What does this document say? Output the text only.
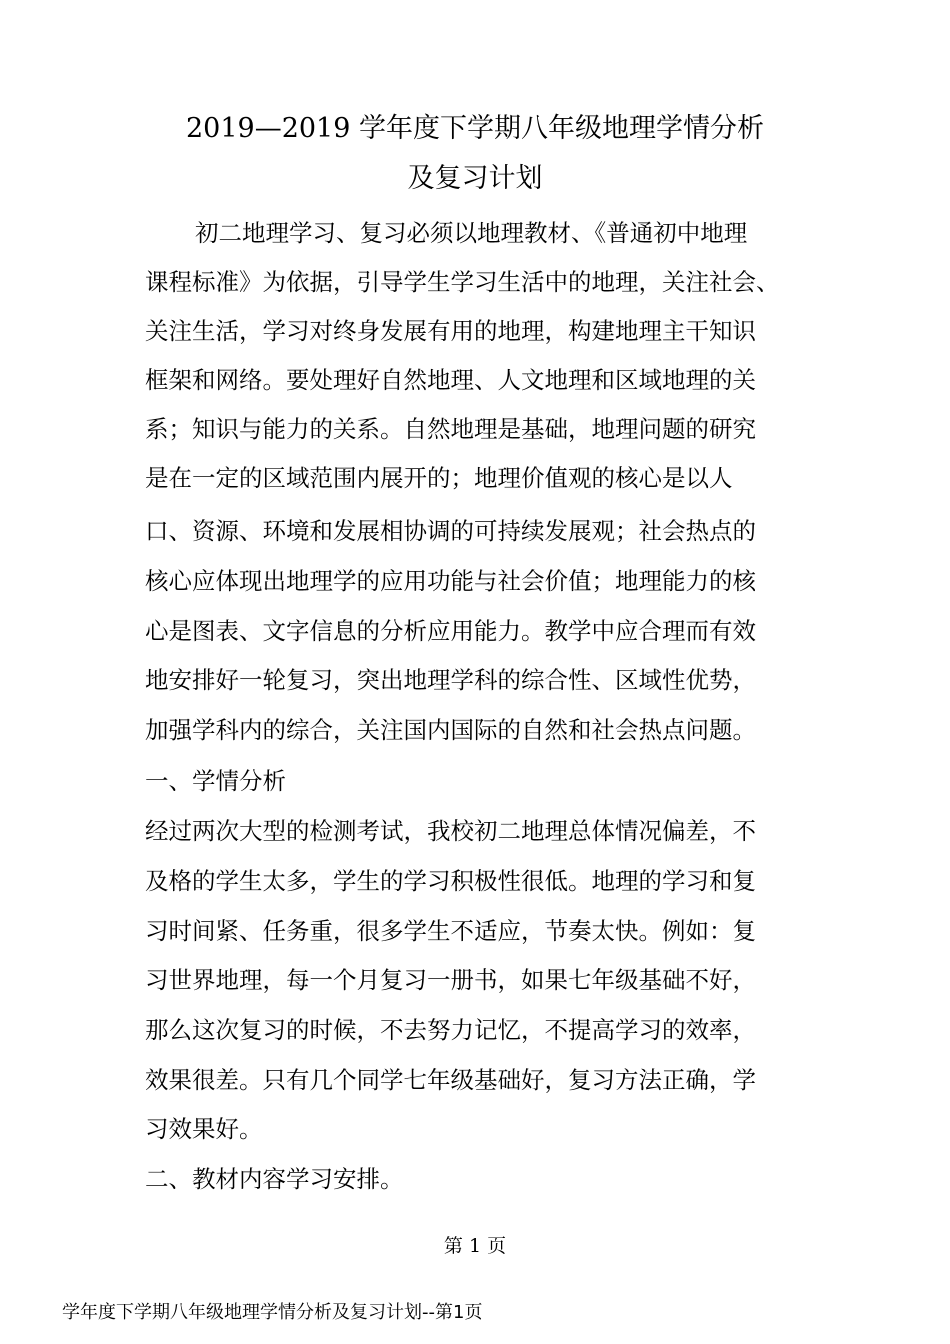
2019—2019 学年度下学期八年级地理学情分析
及复习计划
初二地理学习、复习必须以地理教材、《普通初中地理
课程标准》为依据，引导学生学习生活中的地理，关注社会、
关注生活，学习对终身发展有用的地理，构建地理主干知识
框架和网络。要处理好自然地理、人文地理和区域地理的关
系；知识与能力的关系。自然地理是基础，地理问题的研究
是在一定的区域范围内展开的；地理价值观的核心是以人
口、资源、环境和发展相协调的可持续发展观；社会热点的
核心应体现出地理学的应用功能与社会价值；地理能力的核
心是图表、文字信息的分析应用能力。教学中应合理而有效
地安排好一轮复习，突出地理学科的综合性、区域性优势，
加强学科内的综合，关注国内国际的自然和社会热点问题。
一、学情分析
经过两次大型的检测考试，我校初二地理总体情况偏差，不
及格的学生太多，学生的学习积极性很低。地理的学习和复
习时间紧、任务重，很多学生不适应，节奏太快。例如：复
习世界地理，每一个月复习一册书，如果七年级基础不好，
那么这次复习的时候，不去努力记忆，不提高学习的效率，
效果很差。只有几个同学七年级基础好，复习方法正确，学
习效果好。
二、教材内容学习安排。
第 1 页
学年度下学期八年级地理学情分析及复习计划--第1页
